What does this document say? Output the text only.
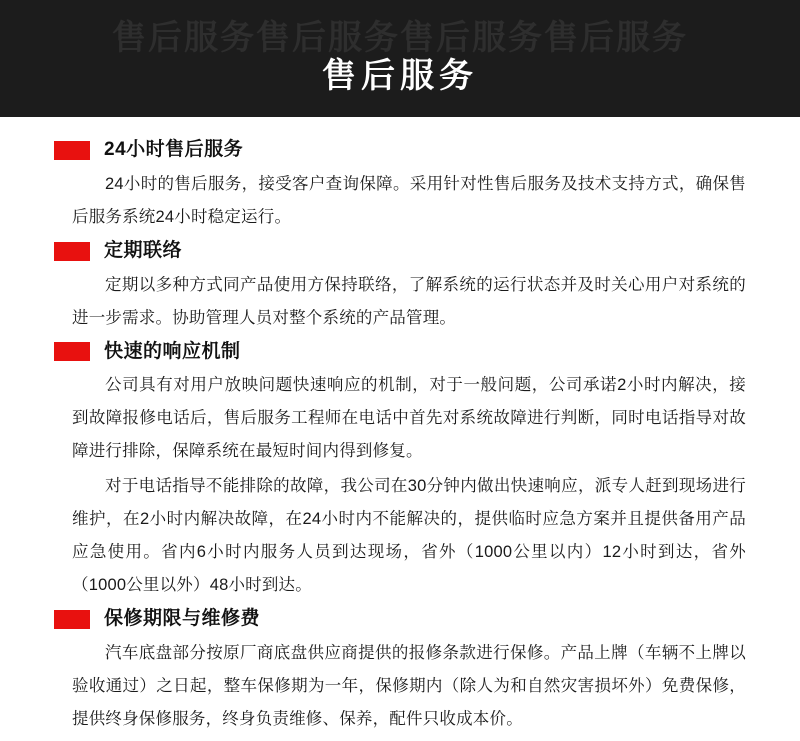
售后服务售后服务售后服务售后服务
售后服务
24小时售后服务

24小时的售后服务，接受客户查询保障。采用针对性售后服务及技术支持方式，确保售后服务系统24小时稳定运行。

定期联络

定期以多种方式同产品使用方保持联络，了解系统的运行状态并及时关心用户对系统的进一步需求。协助管理人员对整个系统的产品管理。

快速的响应机制

公司具有对用户放映问题快速响应的机制，对于一般问题，公司承诺2小时内解决，接到故障报修电话后，售后服务工程师在电话中首先对系统故障进行判断，同时电话指导对故障进行排除，保障系统在最短时间内得到修复。

对于电话指导不能排除的故障，我公司在30分钟内做出快速响应，派专人赶到现场进行维护，在2小时内解决故障，在24小时内不能解决的，提供临时应急方案并且提供备用产品应急使用。省内6小时内服务人员到达现场，省外（1000公里以内）12小时到达，省外（1000公里以外）48小时到达。

保修期限与维修费

汽车底盘部分按原厂商底盘供应商提供的报修条款进行保修。产品上牌（车辆不上牌以验收通过）之日起，整车保修期为一年，保修期内（除人为和自然灾害损坏外）免费保修，提供终身保修服务，终身负责维修、保养，配件只收成本价。
